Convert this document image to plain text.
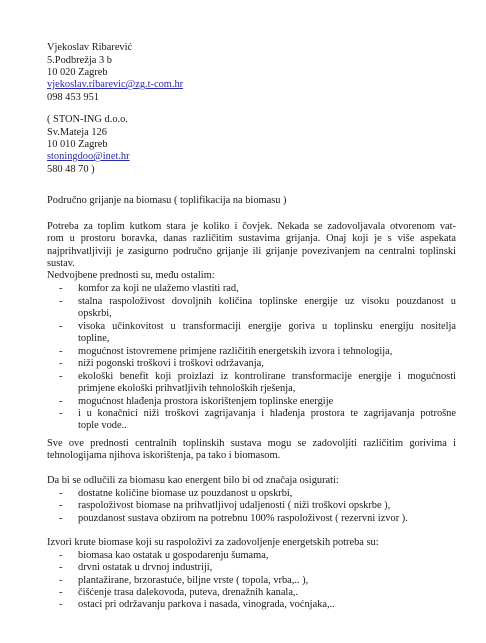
Vjekoslav Ribarević
5.Podbrežja 3 b
10 020 Zagreb
vjekoslav.ribarevic@zg.t-com.hr
098 453 951
( STON-ING d.o.o.
Sv.Mateja 126
10 010 Zagreb
stoningdoo@inet.hr
580 48 70 )
Područno grijanje na biomasu ( toplifikacija na biomasu )
Potreba za toplim kutkom stara je koliko i čovjek. Nekada se zadovoljavala otvorenom vat-
rom u prostoru boravka, danas različitim sustavima grijanja. Onaj koji je s više aspekata
najprihvatljiviji je zasigurno područno grijanje ili grijanje povezivanjem na centralni toplinski
sustav.
Nedvojbene prednosti su, među ostalim:
- komfor za koji ne ulažemo vlastiti rad,
- stalna raspoloživost dovoljnih količina toplinske energije uz visoku pouzdanost u
opskrbi,
- visoka učinkovitost u transformaciji energije goriva u toplinsku energiju nositelja
topline,
- mogućnost istovremene primjene različitih energetskih izvora i tehnologija,
- niži pogonski troškovi i troškovi održavanja,
- ekološki benefit koji proizlazi iz kontrolirane transformacije energije i mogućnosti
primjene ekološki prihvatljivih tehnoloških rješenja,
- mogućnost hlađenja prostora iskorištenjem toplinske energije
- i u konačnici niži troškovi zagrijavanja i hlađenja prostora te zagrijavanja potrošne
tople vode..
Sve ove prednosti centralnih toplinskih sustava mogu se zadovoljiti različitim gorivima i
tehnologijama njihova iskorištenja, pa tako i biomasom.
Da bi se odlučili za biomasu kao energent bilo bi od značaja osigurati:
- dostatne količine biomase uz pouzdanost u opskrbi,
- raspoloživost biomase na prihvatljivoj udaljenosti ( niži troškovi opskrbe ),
- pouzdanost sustava obzirom na potrebnu 100% raspoloživost ( rezervni izvor ).
Izvori krute biomase koji su raspoloživi za zadovoljenje energetskih potreba su:
- biomasa kao ostatak u gospodarenju šumama,
- drvni ostatak u drvnoj industriji,
- plantažirane, brzorastuće, biljne vrste ( topola, vrba,.. ),
- čišćenje trasa dalekovoda, puteva, drenažnih kanala,.
- ostaci pri održavanju parkova i nasada, vinograda, voćnjaka,..
